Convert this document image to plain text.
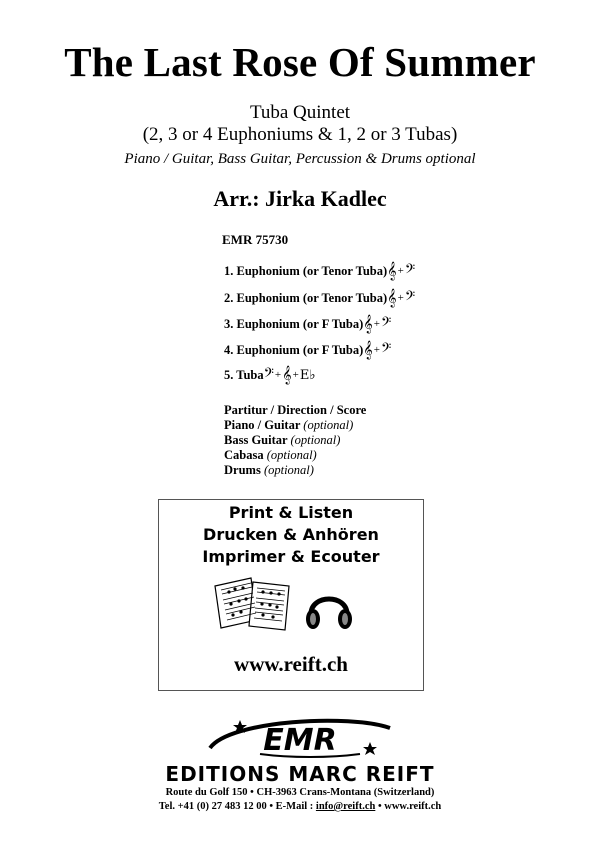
The Last Rose Of Summer
Tuba Quintet
(2, 3 or 4 Euphoniums & 1, 2 or 3 Tubas)
Piano / Guitar, Bass Guitar, Percussion & Drums optional
Arr.: Jirka Kadlec
EMR 75730
1. Euphonium (or Tenor Tuba) 𝄞 + 𝄢
2. Euphonium (or Tenor Tuba) 𝄞 + 𝄢
3. Euphonium (or F Tuba) 𝄞 + 𝄢
4. Euphonium (or F Tuba) 𝄞 + 𝄢
5. Tuba 𝄢 + 𝄞 + E♭
Partitur / Direction / Score
Piano / Guitar (optional)
Bass Guitar (optional)
Cabasa (optional)
Drums (optional)
Print & Listen
Drucken & Anhören
Imprimer & Ecouter
www.reift.ch
EMR
EDITIONS MARC REIFT
Route du Golf 150 • CH-3963 Crans-Montana (Switzerland)
Tel. +41 (0) 27 483 12 00 • E-Mail : info@reift.ch • www.reift.ch
